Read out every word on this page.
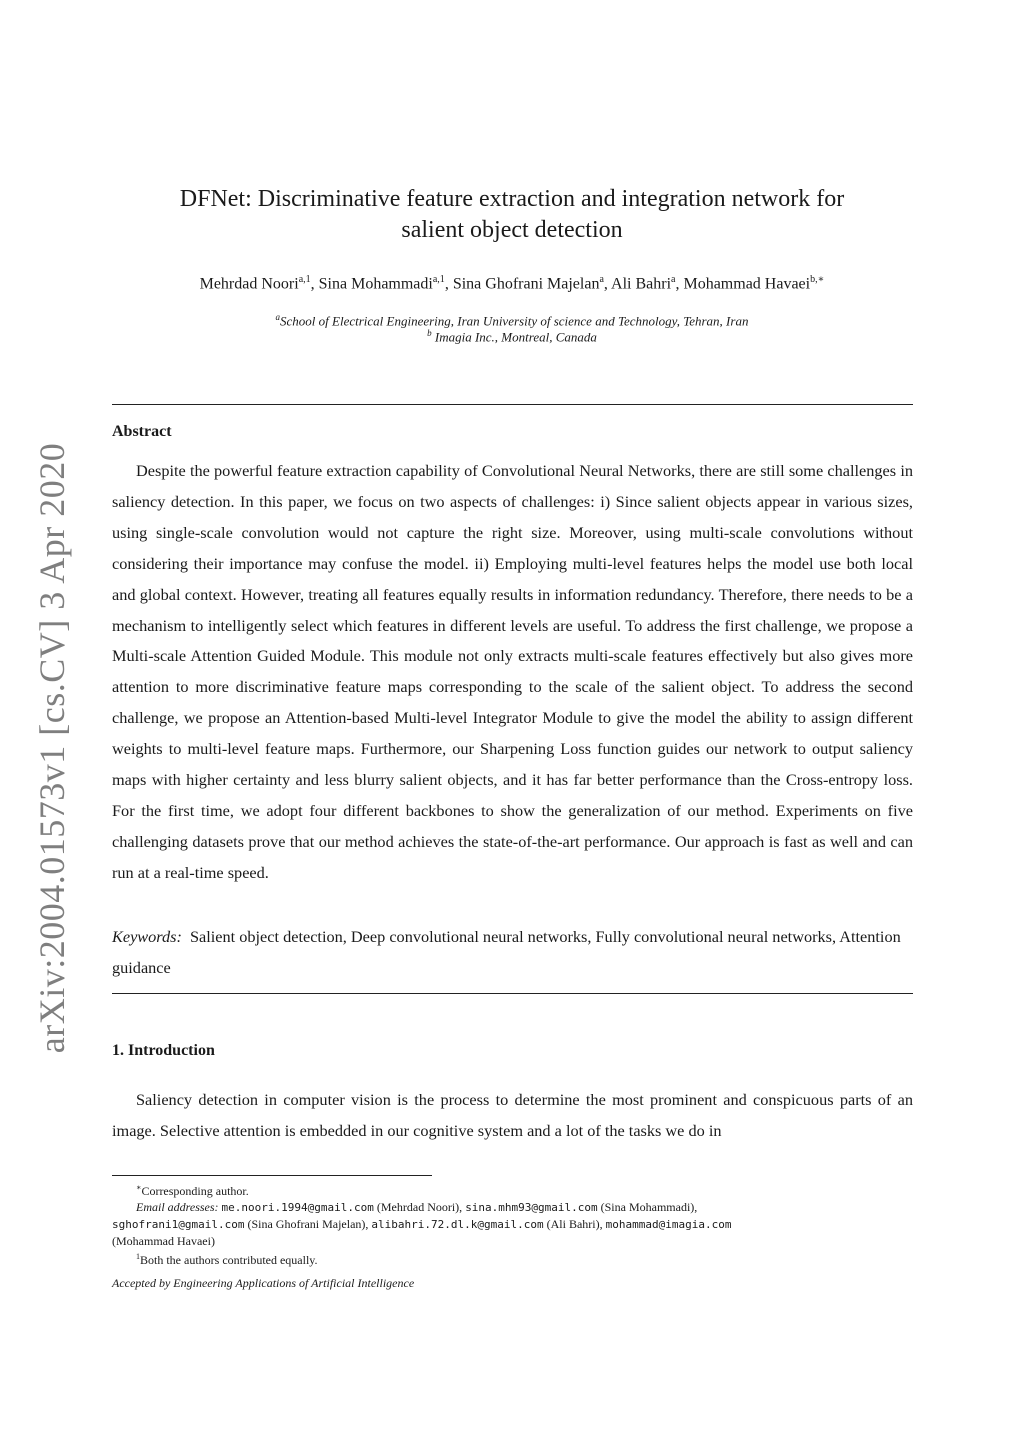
arXiv:2004.01573v1 [cs.CV] 3 Apr 2020
DFNet: Discriminative feature extraction and integration network for
salient object detection
Mehrdad Noori$^{a,1}$, Sina Mohammadi$^{a,1}$, Sina Ghofrani Majelan$^a$, Ali Bahri$^a$, Mohammad Havaei$^{b,∗}$
$^a$School of Electrical Engineering, Iran University of science and Technology, Tehran, Iran
$^b$ Imagia Inc., Montreal, Canada
Abstract

Despite the powerful feature extraction capability of Convolutional Neural Networks, there are still some challenges in saliency detection. In this paper, we focus on two aspects of challenges: i) Since salient objects appear in various sizes, using single-scale convolution would not capture the right size. Moreover, using multi-scale convolutions without considering their importance may confuse the model. ii) Employing multi-level features helps the model use both local and global context. However, treating all features equally results in information redundancy. Therefore, there needs to be a mechanism to intelligently select which features in different levels are useful. To address the first challenge, we propose a Multi-scale Attention Guided Module. This module not only extracts multi-scale features effectively but also gives more attention to more discriminative feature maps corresponding to the scale of the salient object. To address the second challenge, we propose an Attention-based Multi-level Integrator Module to give the model the ability to assign different weights to multi-level feature maps. Furthermore, our Sharpening Loss function guides our network to output saliency maps with higher certainty and less blurry salient objects, and it has far better performance than the Cross-entropy loss. For the first time, we adopt four different backbones to show the generalization of our method. Experiments on five challenging datasets prove that our method achieves the state-of-the-art performance. Our approach is fast as well and can run at a real-time speed.

Keywords: Salient object detection, Deep convolutional neural networks, Fully convolutional neural networks, Attention guidance

1. Introduction

Saliency detection in computer vision is the process to determine the most prominent and conspicuous parts of an image. Selective attention is embedded in our cognitive system and a lot of the tasks we do in

∗Corresponding author.
Email addresses: me.noori.1994@gmail.com (Mehrdad Noori), sina.mhm93@gmail.com (Sina Mohammadi),
sghofrani1@gmail.com (Sina Ghofrani Majelan), alibahri.72.dl.k@gmail.com (Ali Bahri), mohammad@imagia.com
(Mohammad Havaei)
$^1$Both the authors contributed equally.
Accepted by Engineering Applications of Artificial Intelligence
